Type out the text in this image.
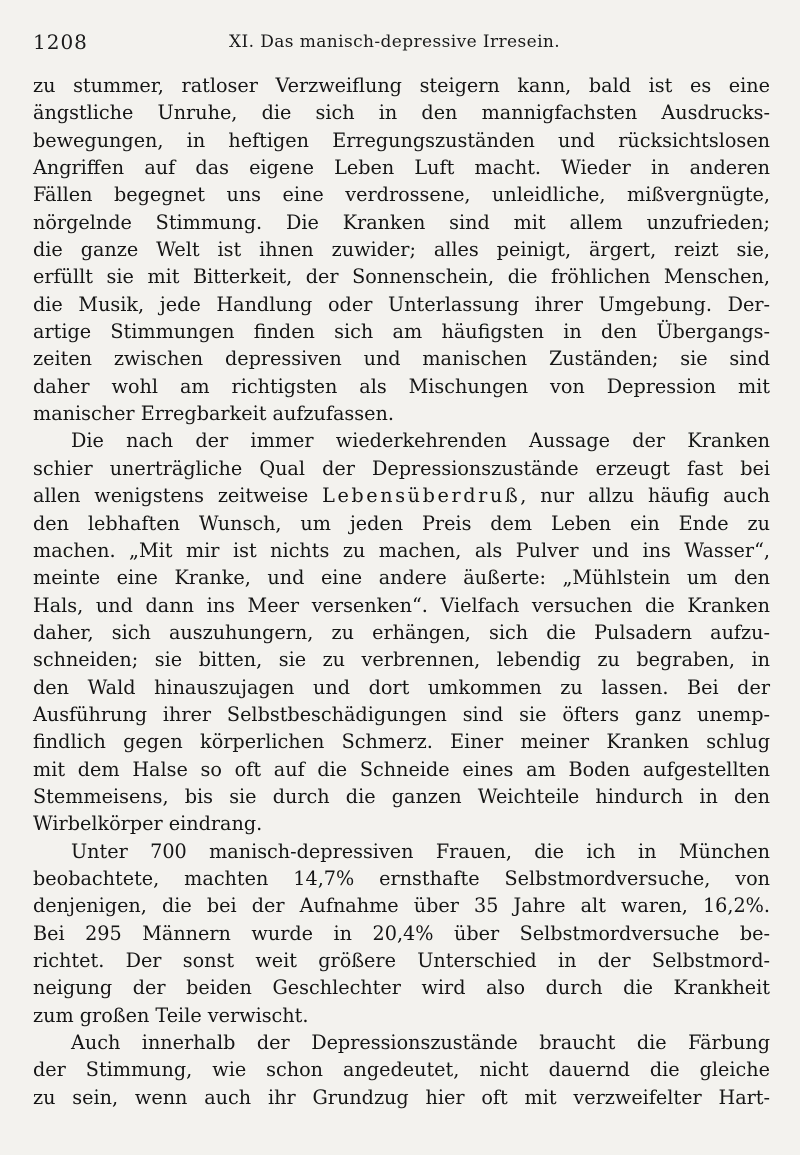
1208	XI. Das manisch-depressive Irresein.
zu stummer, ratloser Verzweiflung steigern kann, bald ist es eine
ängstliche Unruhe, die sich in den mannigfachsten Ausdrucks-
bewegungen, in heftigen Erregungszuständen und rücksichtslosen
Angriffen auf das eigene Leben Luft macht. Wieder in anderen
Fällen begegnet uns eine verdrossene, unleidliche, mißvergnügte,
nörgelnde Stimmung. Die Kranken sind mit allem unzufrieden;
die ganze Welt ist ihnen zuwider; alles peinigt, ärgert, reizt sie,
erfüllt sie mit Bitterkeit, der Sonnenschein, die fröhlichen Menschen,
die Musik, jede Handlung oder Unterlassung ihrer Umgebung. Der-
artige Stimmungen finden sich am häufigsten in den Übergangs-
zeiten zwischen depressiven und manischen Zuständen; sie sind
daher wohl am richtigsten als Mischungen von Depression mit
manischer Erregbarkeit aufzufassen.
Die nach der immer wiederkehrenden Aussage der Kranken
schier unerträgliche Qual der Depressionszustände erzeugt fast bei
allen wenigstens zeitweise Lebensüberdruß, nur allzu häufig auch
den lebhaften Wunsch, um jeden Preis dem Leben ein Ende zu
machen. „Mit mir ist nichts zu machen, als Pulver und ins Wasser“,
meinte eine Kranke, und eine andere äußerte: „Mühlstein um den
Hals, und dann ins Meer versenken“. Vielfach versuchen die Kranken
daher, sich auszuhungern, zu erhängen, sich die Pulsadern aufzu-
schneiden; sie bitten, sie zu verbrennen, lebendig zu begraben, in
den Wald hinauszujagen und dort umkommen zu lassen. Bei der
Ausführung ihrer Selbstbeschädigungen sind sie öfters ganz unemp-
findlich gegen körperlichen Schmerz. Einer meiner Kranken schlug
mit dem Halse so oft auf die Schneide eines am Boden aufgestellten
Stemmeisens, bis sie durch die ganzen Weichteile hindurch in den
Wirbelkörper eindrang.
Unter 700 manisch-depressiven Frauen, die ich in München
beobachtete, machten 14,7% ernsthafte Selbstmordversuche, von
denjenigen, die bei der Aufnahme über 35 Jahre alt waren, 16,2%.
Bei 295 Männern wurde in 20,4% über Selbstmordversuche be-
richtet. Der sonst weit größere Unterschied in der Selbstmord-
neigung der beiden Geschlechter wird also durch die Krankheit
zum großen Teile verwischt.
Auch innerhalb der Depressionszustände braucht die Färbung
der Stimmung, wie schon angedeutet, nicht dauernd die gleiche
zu sein, wenn auch ihr Grundzug hier oft mit verzweifelter Hart-
